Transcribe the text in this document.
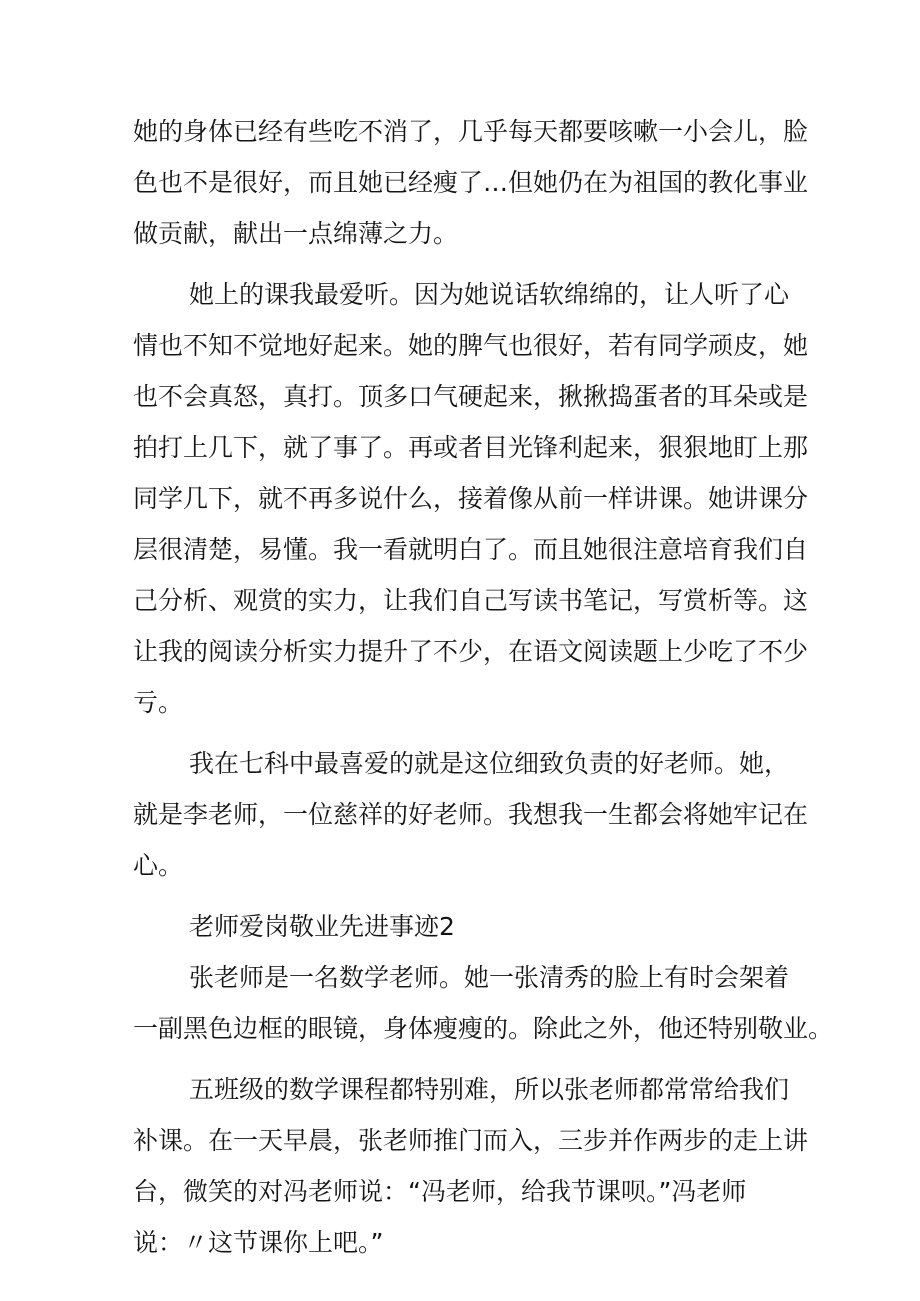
她的身体已经有些吃不消了，几乎每天都要咳嗽一小会儿，脸
色也不是很好，而且她已经瘦了…但她仍在为祖国的教化事业
做贡献，献出一点绵薄之力。
她上的课我最爱听。因为她说话软绵绵的，让人听了心
情也不知不觉地好起来。她的脾气也很好，若有同学顽皮，她
也不会真怒，真打。顶多口气硬起来，揪揪捣蛋者的耳朵或是
拍打上几下，就了事了。再或者目光锋利起来，狠狠地盯上那
同学几下，就不再多说什么，接着像从前一样讲课。她讲课分
层很清楚，易懂。我一看就明白了。而且她很注意培育我们自
己分析、观赏的实力，让我们自己写读书笔记，写赏析等。这
让我的阅读分析实力提升了不少，在语文阅读题上少吃了不少
亏。
我在七科中最喜爱的就是这位细致负责的好老师。她，
就是李老师，一位慈祥的好老师。我想我一生都会将她牢记在
心。
老师爱岗敬业先进事迹2
张老师是一名数学老师。她一张清秀的脸上有时会架着
一副黑色边框的眼镜，身体瘦瘦的。除此之外，他还特别敬业。
五班级的数学课程都特别难，所以张老师都常常给我们
补课。在一天早晨，张老师推门而入，三步并作两步的走上讲
台，微笑的对冯老师说：“冯老师，给我节课呗。”冯老师
说：〃这节课你上吧。”
